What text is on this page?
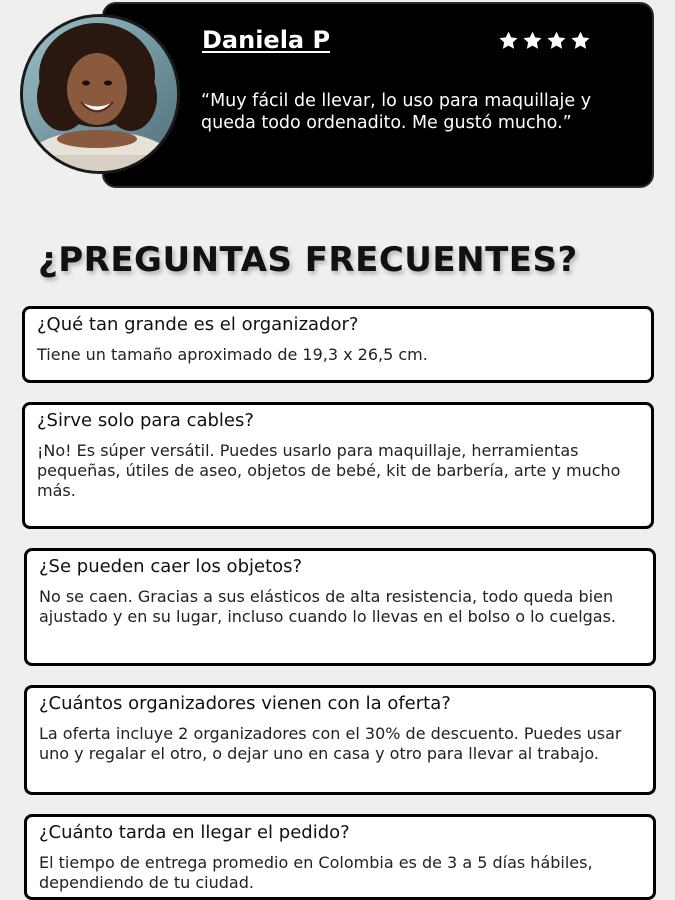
Daniela P
“Muy fácil de llevar, lo uso para maquillaje y queda todo ordenadito. Me gustó mucho.”
¿PREGUNTAS FRECUENTES?
¿Qué tan grande es el organizador?
Tiene un tamaño aproximado de 19,3 x 26,5 cm.
¿Sirve solo para cables?
¡No! Es súper versátil. Puedes usarlo para maquillaje, herramientas pequeñas, útiles de aseo, objetos de bebé, kit de barbería, arte y mucho más.
¿Se pueden caer los objetos?
No se caen. Gracias a sus elásticos de alta resistencia, todo queda bien ajustado y en su lugar, incluso cuando lo llevas en el bolso o lo cuelgas.
¿Cuántos organizadores vienen con la oferta?
La oferta incluye 2 organizadores con el 30% de descuento. Puedes usar uno y regalar el otro, o dejar uno en casa y otro para llevar al trabajo.
¿Cuánto tarda en llegar el pedido?
El tiempo de entrega promedio en Colombia es de 3 a 5 días hábiles, dependiendo de tu ciudad.
